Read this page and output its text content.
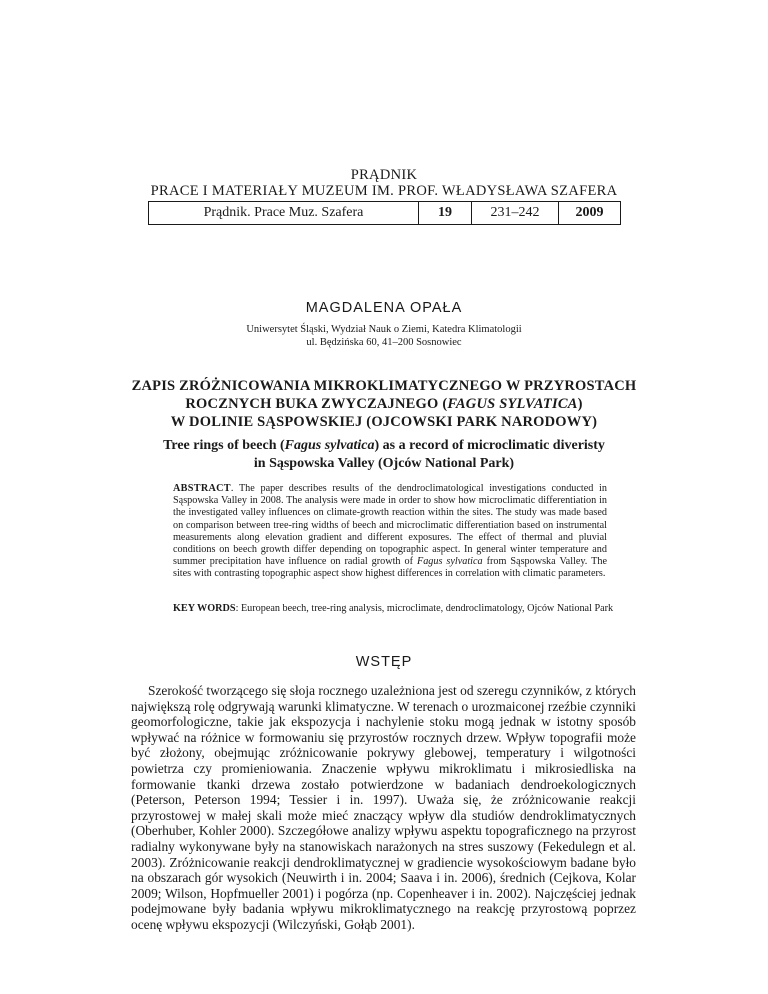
PRĄDNIK
PRACE I MATERIAŁY MUZEUM IM. PROF. WŁADYSŁAWA SZAFERA
Prądnik. Prace Muz. Szafera	19	231–242	2009
MAGDALENA OPAŁA
Uniwersytet Śląski, Wydział Nauk o Ziemi, Katedra Klimatologii
ul. Będzińska 60, 41–200 Sosnowiec
ZAPIS ZRÓŻNICOWANIA MIKROKLIMATYCZNEGO W PRZYROSTACH
ROCZNYCH BUKA ZWYCZAJNEGO (FAGUS SYLVATICA)
W DOLINIE SĄSPOWSKIEJ (OJCOWSKI PARK NARODOWY)
Tree rings of beech (Fagus sylvatica) as a record of microclimatic diveristy
in Sąspowska Valley (Ojców National Park)
ABSTRACT. The paper describes results of the dendroclimatological investigations conducted in Sąspowska Valley in 2008. The analysis were made in order to show how microclimatic differentiation in the investigated valley influences on climate-growth reaction within the sites. The study was made based on comparison between tree-ring widths of beech and microclimatic differentiation based on instrumental measurements along elevation gradient and different exposures. The effect of thermal and pluvial conditions on beech growth differ depending on topographic aspect. In general winter temperature and summer precipitation have influence on radial growth of Fagus sylvatica from Sąspowska Valley. The sites with contrasting topographic aspect show highest differences in correlation with climatic parameters.
KEY WORDS: European beech, tree-ring analysis, microclimate, dendroclimatology, Ojców National Park
WSTĘP
Szerokość tworzącego się słoja rocznego uzależniona jest od szeregu czynników, z których największą rolę odgrywają warunki klimatyczne. W terenach o urozmaiconej rzeźbie czynniki geomorfologiczne, takie jak ekspozycja i nachylenie stoku mogą jednak w istotny sposób wpływać na różnice w formowaniu się przyrostów rocznych drzew. Wpływ topografii może być złożony, obejmując zróżnicowanie pokrywy glebowej, temperatury i wilgotności powietrza czy promieniowania. Znaczenie wpływu mikroklimatu i mikrosiedliska na formowanie tkanki drzewa zostało potwierdzone w badaniach dendroekologicznych (Peterson, Peterson 1994; Tessier i in. 1997). Uważa się, że zróżnicowanie reakcji przyrostowej w małej skali może mieć znaczący wpływ dla studiów dendroklimatycznych (Oberhuber, Kohler 2000). Szczegółowe analizy wpływu aspektu topograficznego na przyrost radialny wykonywane były na stanowiskach narażonych na stres suszowy (Fekedulegn et al. 2003). Zróżnicowanie reakcji dendroklimatycznej w gradiencie wysokościowym badane było na obszarach gór wysokich (Neuwirth i in. 2004; Saava i in. 2006), średnich (Cejkova, Kolar 2009; Wilson, Hopfmueller 2001) i pogórza (np. Copenheaver i in. 2002). Najczęściej jednak podejmowane były badania wpływu mikroklimatycznego na reakcję przyrostową poprzez ocenę wpływu ekspozycji (Wilczyński, Gołąb 2001).
